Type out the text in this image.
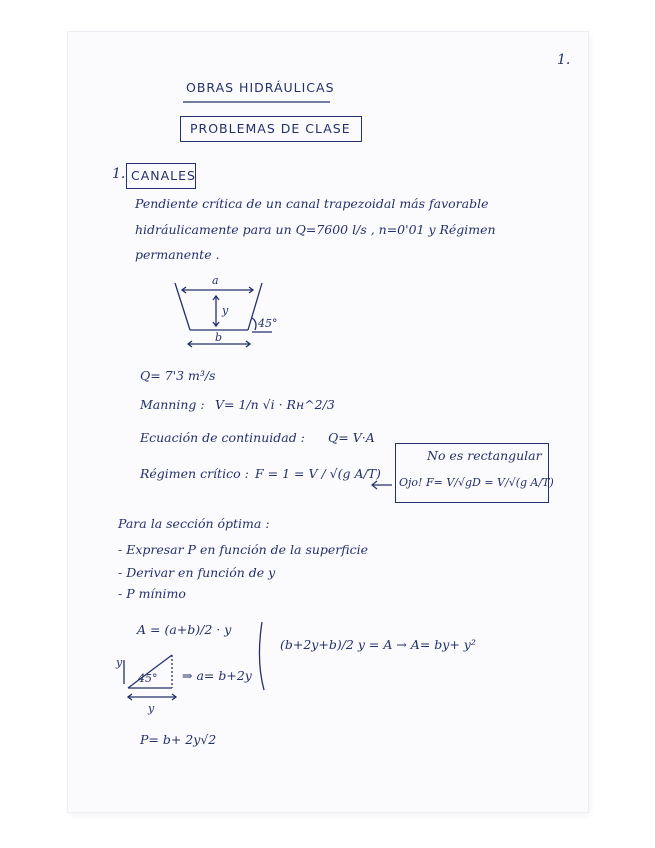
1.
OBRAS HIDRÁULICAS
PROBLEMAS DE CLASE
1. CANALES
Pendiente crítica de un canal trapezoidal más favorable
hidráulicamente para un Q=7600 l/s , n=0'01 y Régimen
permanente .
a
y
b
45°
Q= 7'3 m³/s
Manning : V= 1/n √i · Rн^2/3
Ecuación de continuidad : Q= V·A
Régimen crítico : F = 1 = V / √(g A/T)
No es rectangular
Ojo! F= V/√gD = V/√(g A/T)
Para la sección óptima :
- Expresar P en función de la superficie
- Derivar en función de y
- P mínimo
A = (a+b)/2 · y
y
y
45° ⇒ a= b+2y
(b+2y+b)/2 y = A → A= by+ y²
P= b+ 2y√2
